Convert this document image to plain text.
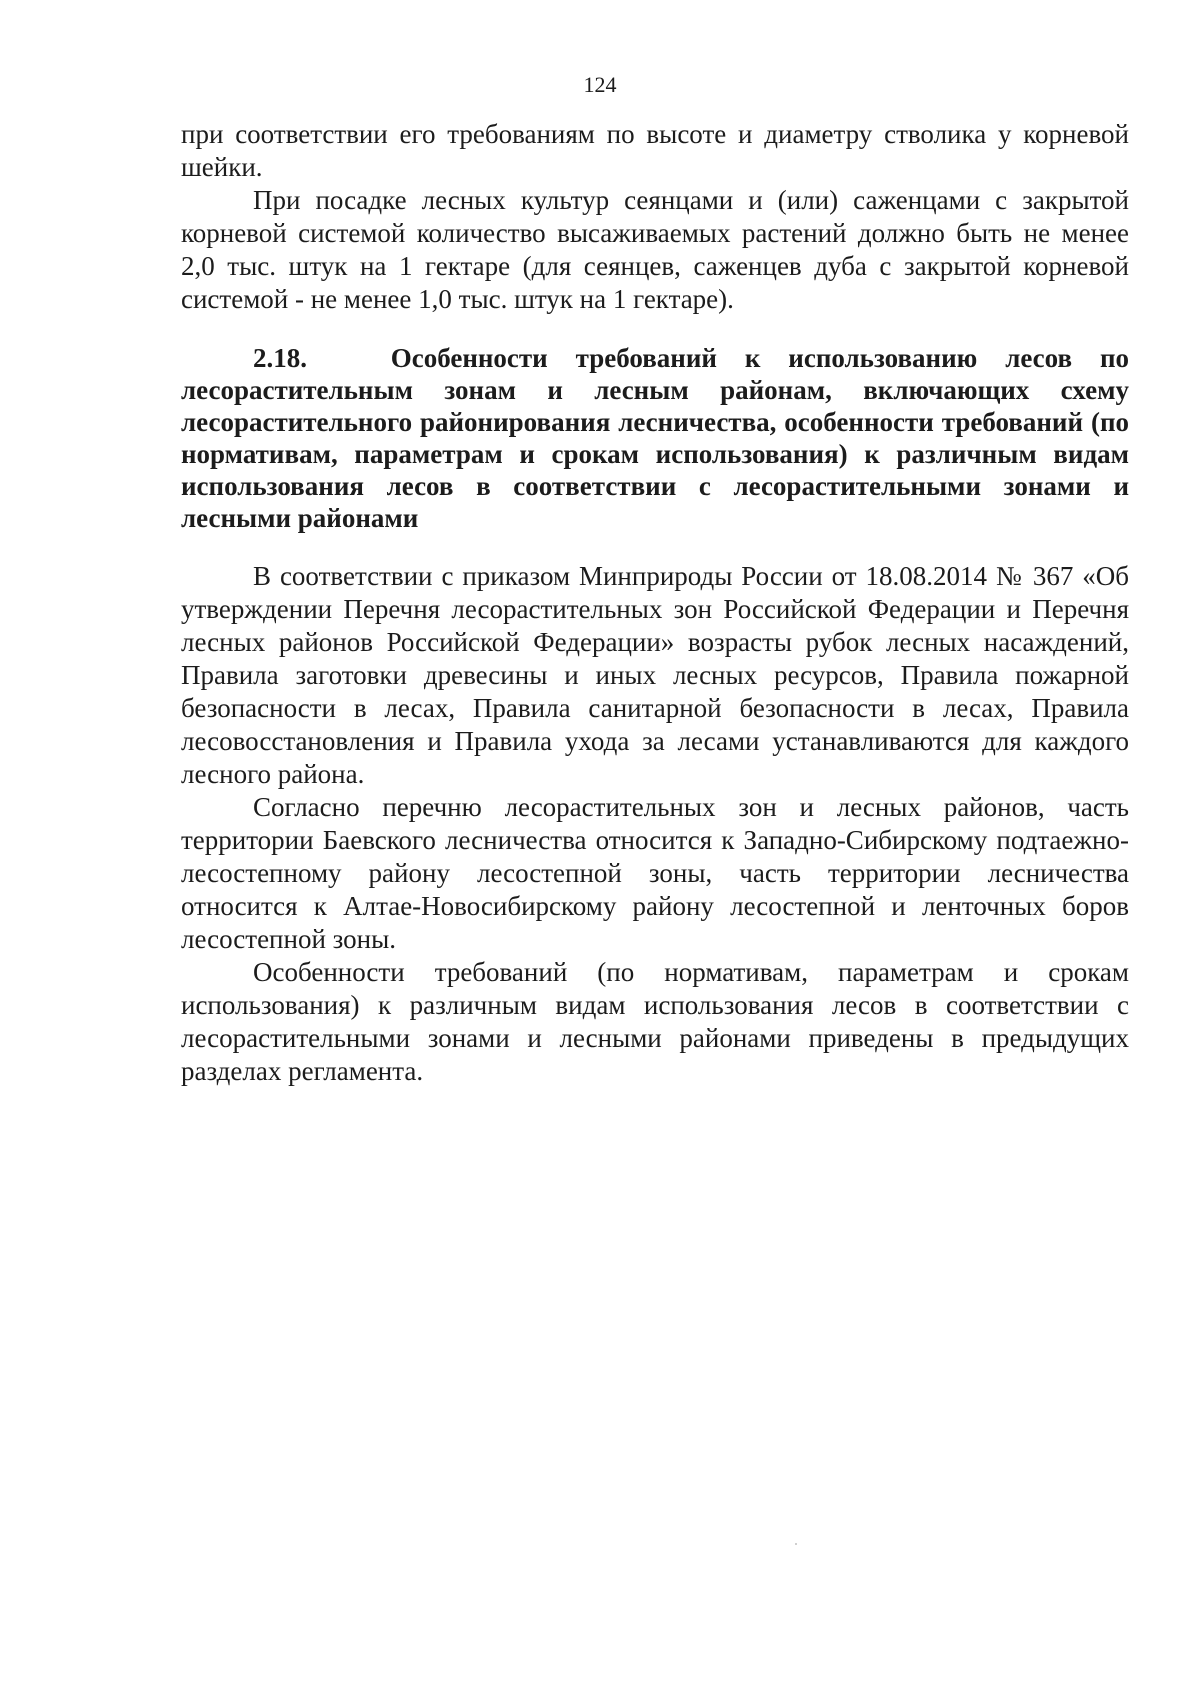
124

при соответствии его требованиям по высоте и диаметру стволика у корневой шейки.

При посадке лесных культур сеянцами и (или) саженцами с закрытой корневой системой количество высаживаемых растений должно быть не менее 2,0 тыс. штук на 1 гектаре (для сеянцев, саженцев дуба с закрытой корневой системой - не менее 1,0 тыс. штук на 1 гектаре).

2.18.	Особенности требований к использованию лесов по лесорастительным зонам и лесным районам, включающих схему лесорастительного районирования лесничества, особенности требований (по нормативам, параметрам и срокам использования) к различным видам использования лесов в соответствии с лесорастительными зонами и лесными районами

В соответствии с приказом Минприроды России от 18.08.2014 № 367 «Об утверждении Перечня лесорастительных зон Российской Федерации и Перечня лесных районов Российской Федерации» возрасты рубок лесных насаждений, Правила заготовки древесины и иных лесных ресурсов, Правила пожарной безопасности в лесах, Правила санитарной безопасности в лесах, Правила лесовосстановления и Правила ухода за лесами устанавливаются для каждого лесного района.

Согласно перечню лесорастительных зон и лесных районов, часть территории Баевского лесничества относится к Западно-Сибирскому подтаежно-лесостепному району лесостепной зоны, часть территории лесничества относится к Алтае-Новосибирскому району лесостепной и ленточных боров лесостепной зоны.

Особенности требований (по нормативам, параметрам и срокам использования) к различным видам использования лесов в соответствии с лесорастительными зонами и лесными районами приведены в предыдущих разделах регламента.
